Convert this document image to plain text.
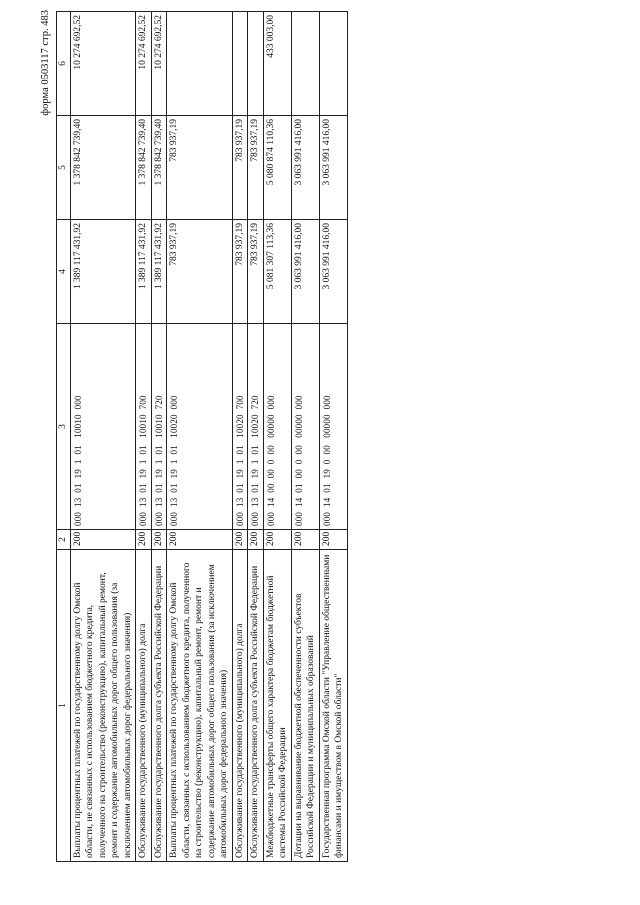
форма 0503117 стр. 483
1	2	3	4	5	6
Выплаты процентных платежей по государственному долгу Омской области, не связанных с использованием бюджетного кредита, полученного на строительство (реконструкцию), капитальный ремонт, ремонт и содержание автомобильных дорог общего пользования (за исключением автомобильных дорог федерального значения)	200	000  13  01  19  1  01   10010  000	1 389 117 431,92	1 378 842 739,40	10 274 692,52
Обслуживание государственного (муниципального) долга	200	000  13  01  19  1  01   10010  700	1 389 117 431,92	1 378 842 739,40	10 274 692,52
Обслуживание государственного долга субъекта Российской Федерации	200	000  13  01  19  1  01   10010  720	1 389 117 431,92	1 378 842 739,40	10 274 692,52
Выплаты процентных платежей по государственному долгу Омской области, связанных с использованием бюджетного кредита, полученного на строительство (реконструкцию), капитальный ремонт, ремонт и содержание автомобильных дорог общего пользования (за исключением автомобильных дорог федерального значения)	200	000  13  01  19  1  01   10020  000	783 937,19	783 937,19	
Обслуживание государственного (муниципального) долга	200	000  13  01  19  1  01   10020  700	783 937,19	783 937,19	
Обслуживание государственного долга субъекта Российской Федерации	200	000  13  01  19  1  01   10020  720	783 937,19	783 937,19	
Межбюджетные трансферты общего характера бюджетам бюджетной системы Российской Федерации	200	000  14  00  00  0  00   00000  000	5 081 307 113,36	5 080 874 110,36	433 003,00
Дотации на выравнивание бюджетной обеспеченности субъектов Российской Федерации и муниципальных образований	200	000  14  01  00  0  00   00000  000	3 063 991 416,00	3 063 991 416,00	
Государственная программа Омской области "Управление общественными финансами и имуществом в Омской области"	200	000  14  01  19  0  00   00000  000	3 063 991 416,00	3 063 991 416,00	
